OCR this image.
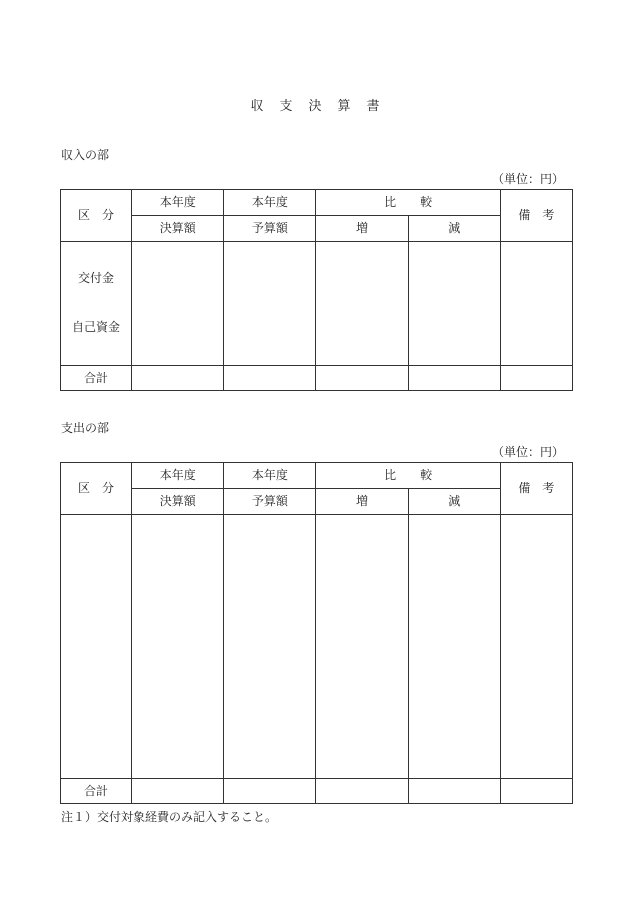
収 支 決 算 書
収入の部
（単位：円）
区　分	本年度	本年度	比　　較		備　考
	決算額	予算額	増	減	

交付金
自己資金					

合計					
支出の部
（単位：円）
区　分	本年度	本年度	比　　較		備　考
	決算額	予算額	増	減	

合計					
注１）交付対象経費のみ記入すること。
